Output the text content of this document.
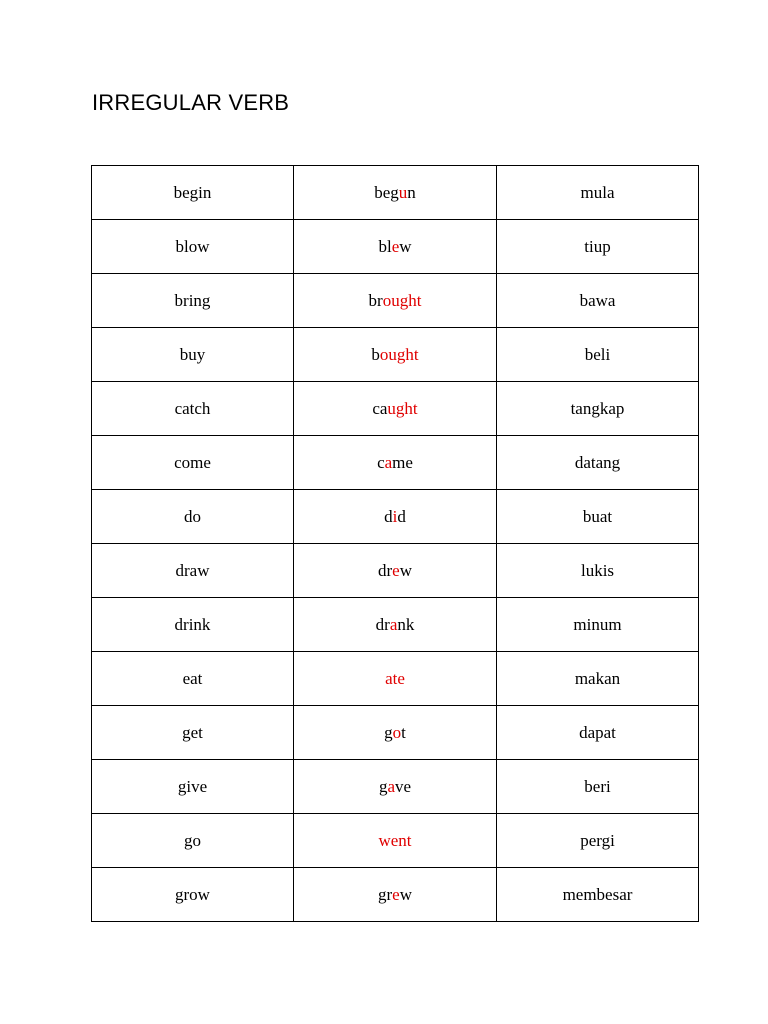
IRREGULAR VERB
begin	begun	mula
blow	blew	tiup
bring	brought	bawa
buy	bought	beli
catch	caught	tangkap
come	came	datang
do	did	buat
draw	drew	lukis
drink	drank	minum
eat	ate	makan
get	got	dapat
give	gave	beri
go	went	pergi
grow	grew	membesar
